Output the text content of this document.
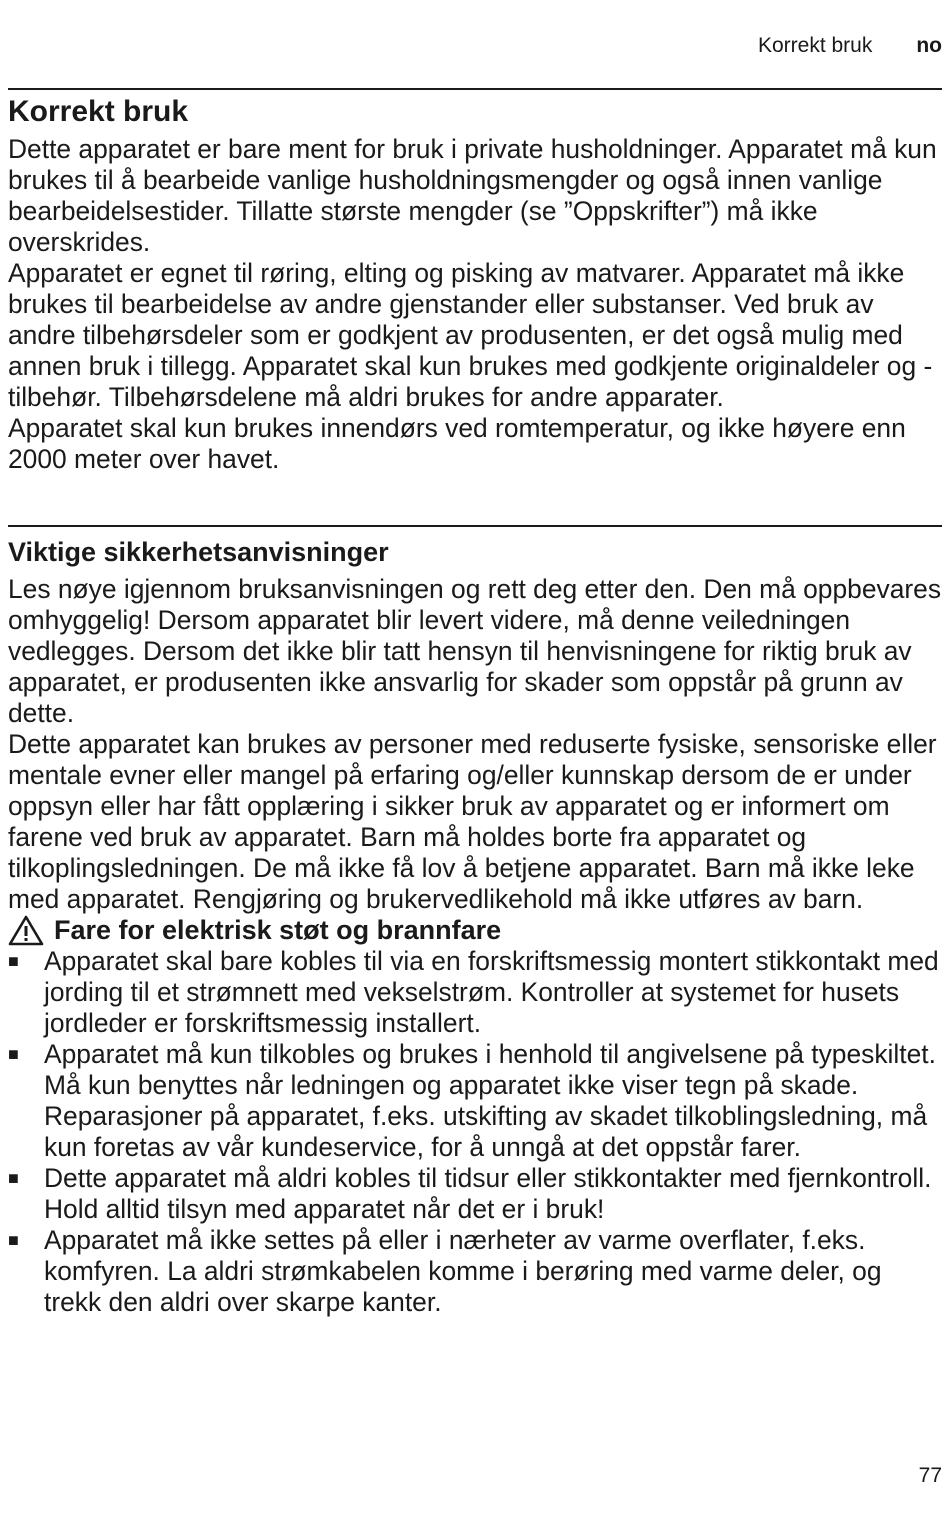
Korrekt bruk no
Korrekt bruk

Dette apparatet er bare ment for bruk i private husholdninger. Apparatet må kun brukes til å bearbeide vanlige husholdningsmengder og også innen vanlige bearbeidelsestider. Tillatte største mengder (se ”Oppskrifter”) må ikke overskrides.

Apparatet er egnet til røring, elting og pisking av matvarer. Apparatet må ikke brukes til bearbeidelse av andre gjenstander eller substanser. Ved bruk av andre tilbehørsdeler som er godkjent av produsenten, er det også mulig med annen bruk i tillegg. Apparatet skal kun brukes med godkjente originaldeler og -tilbehør. Tilbehørsdelene må aldri brukes for andre apparater.

Apparatet skal kun brukes innendørs ved romtemperatur, og ikke høyere enn 2000 meter over havet.

Viktige sikkerhetsanvisninger

Les nøye igjennom bruksanvisningen og rett deg etter den. Den må oppbevares omhyggelig! Dersom apparatet blir levert videre, må denne veiledningen vedlegges. Dersom det ikke blir tatt hensyn til henvisningene for riktig bruk av apparatet, er produsenten ikke ansvarlig for skader som oppstår på grunn av dette.

Dette apparatet kan brukes av personer med reduserte fysiske, sensoriske eller mentale evner eller mangel på erfaring og/eller kunnskap dersom de er under oppsyn eller har fått opplæring i sikker bruk av apparatet og er informert om farene ved bruk av apparatet. Barn må holdes borte fra apparatet og tilkoplingsledningen. De må ikke få lov å betjene apparatet. Barn må ikke leke med apparatet. Rengjøring og brukervedlikehold må ikke utføres av barn.

Fare for elektrisk støt og brannfare
■ Apparatet skal bare kobles til via en forskriftsmessig montert stikkontakt med jording til et strømnett med vekselstrøm. Kontroller at systemet for husets jordleder er forskriftsmessig installert.
■ Apparatet må kun tilkobles og brukes i henhold til angivelsene på typeskiltet. Må kun benyttes når ledningen og apparatet ikke viser tegn på skade. Reparasjoner på apparatet, f.eks. utskifting av skadet tilkoblingsledning, må kun foretas av vår kundeservice, for å unngå at det oppstår farer.
■ Dette apparatet må aldri kobles til tidsur eller stikkontakter med fjernkontroll. Hold alltid tilsyn med apparatet når det er i bruk!
■ Apparatet må ikke settes på eller i nærheter av varme overflater, f.eks. komfyren. La aldri strømkabelen komme i berøring med varme deler, og trekk den aldri over skarpe kanter.
77
